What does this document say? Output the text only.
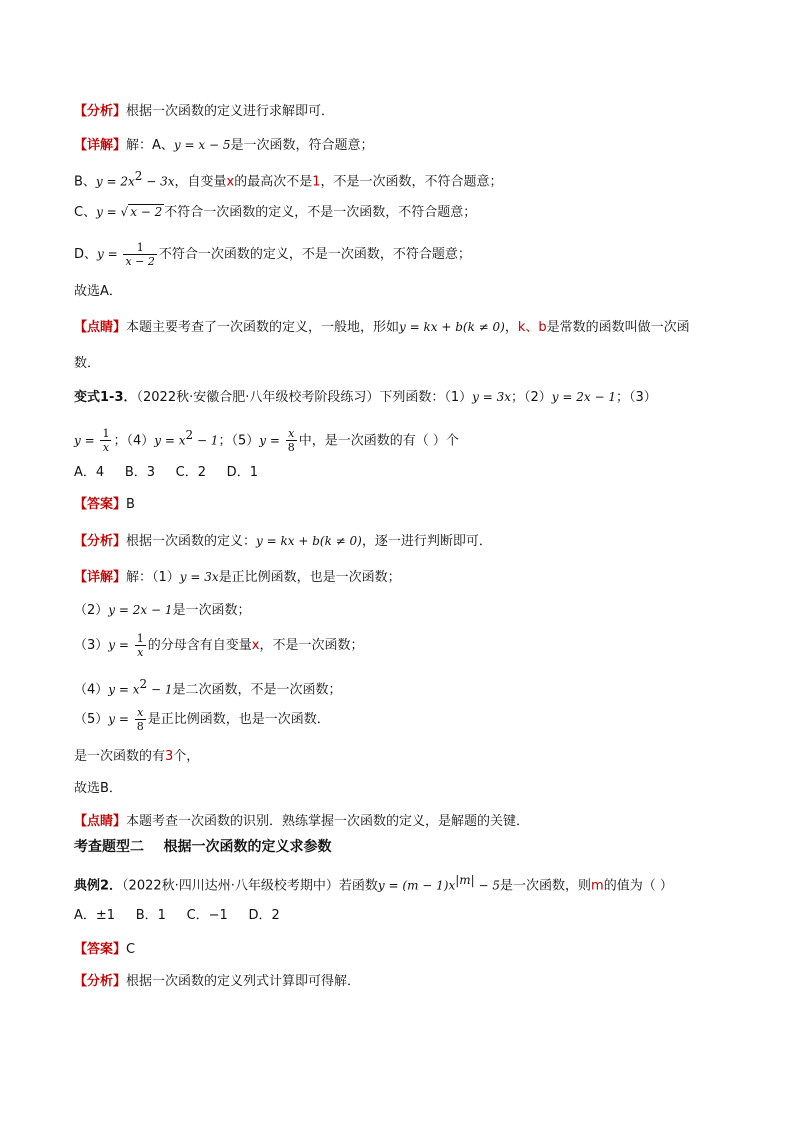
【分析】根据一次函数的定义进行求解即可．
【详解】解：A、y = x − 5是一次函数，符合题意；
B、$y = 2x^2 - 3x$，自变量x的最高次不是1，不是一次函数，不符合题意；
C、y = √ x − 2 不符合一次函数的定义，不是一次函数，不符合题意；
D、$y = \frac{1}{x - 2}$ 不符合一次函数的定义，不是一次函数，不符合题意；
故选A．
【点睛】本题主要考查了一次函数的定义，一般地，形如y = kx + b(k ≠ 0)，k、b是常数的函数叫做一次函
数．
变式1-3．（2022秋·安徽合肥·八年级校考阶段练习）下列函数：（1）y = 3x；（2）y = 2x − 1；（3）
$y = \frac{1}{x}$ ；$(4)y = x^2 - 1$；$(5)y = \frac{x}{8}$ 中，是一次函数的有（ ）个
A．4     B．3     C．2     D．1
【答案】B
【分析】根据一次函数的定义：y = kx + b(k ≠ 0)，逐一进行判断即可．
【详解】解：（1）y = 3x是正比例函数，也是一次函数；
（2）y = 2x − 1是一次函数；
$(3)y = \frac{1}{x}$ 的分母含有自变量x，不是一次函数；
$(4)y = x^2 - 1$是二次函数，不是一次函数；
$(5)y = \frac{x}{8}$ 是正比例函数，也是一次函数．
是一次函数的有3个，
故选B．
【点睛】本题考查一次函数的识别．熟练掌握一次函数的定义，是解题的关键．
考查题型二    根据一次函数的定义求参数
典例2．（2022秋·四川达州·八年级校考期中）若函数$y = (m - 1)x^{|m|} - 5$是一次函数，则m的值为（ ）
A．±1     B．1     C．−1     D．2
【答案】C
【分析】根据一次函数的定义列式计算即可得解．
